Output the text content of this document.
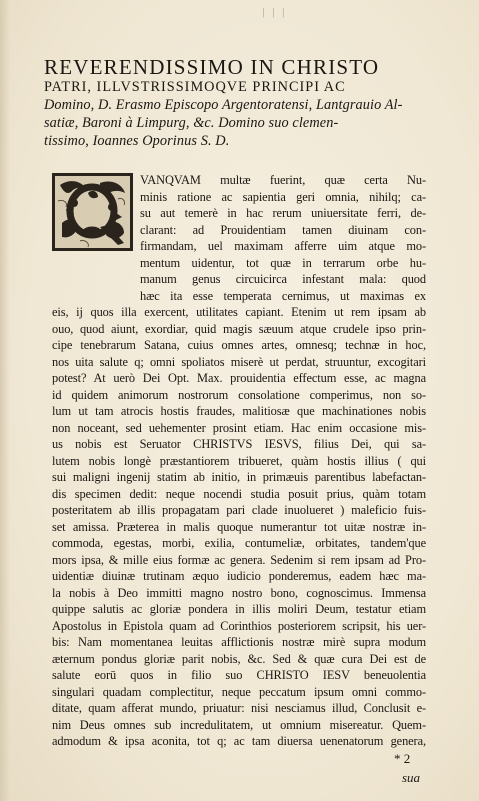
| | |
REVERENDISSIMO IN CHRISTO
PATRI, ILLVSTRISSIMOQVE PRINCIPI AC
Domino, D. Erasmo Episcopo Argentoratensi, Lantgrauio Al-
satiæ, Baroni à Limpurg, &c. Domino suo clemen-
tissimo, Ioannes Oporinus S. D.
VANQVAM multæ fuerint, quæ certa Nu-
minis ratione ac sapientia geri omnia, nihilq; ca-
su aut temerè in hac rerum uniuersitate ferri, de-
clarant: ad Prouidentiam tamen diuinam con-
firmandam, uel maximam afferre uim atque mo-
mentum uidentur, tot quæ in terrarum orbe hu-
manum genus circuicirca infestant mala: quod
hæc ita esse temperata cernimus, ut maximas ex
eis, ij quos illa exercent, utilitates capiant. Etenim ut rem ipsam ab
ouo, quod aiunt, exordiar, quid magis sæuum atque crudele ipso prin-
cipe tenebrarum Satana, cuius omnes artes, omnesq; technæ in hoc,
nos uita salute q; omni spoliatos miserè ut perdat, struuntur, excogitari
potest? At uerò Dei Opt. Max. prouidentia effectum esse, ac magna
id quidem animorum nostrorum consolatione comperimus, non so-
lum ut tam atrocis hostis fraudes, malitiosæ que machinationes nobis
non noceant, sed uehementer prosint etiam. Hac enim occasione mis-
us nobis est Seruator CHRISTVS IESVS, filius Dei, qui sa-
lutem nobis longè præstantiorem tribueret, quàm hostis illius ( qui
sui maligni ingenij statim ab initio, in primæuis parentibus labefactan-
dis specimen dedit: neque nocendi studia posuit prius, quàm totam
posteritatem ab illis propagatam pari clade inuolueret ) maleficio fuis-
set amissa. Præterea in malis quoque numerantur tot uitæ nostræ in-
commoda, egestas, morbi, exilia, contumeliæ, orbitates, tandem'que
mors ipsa, & mille eius formæ ac genera. Sedenim si rem ipsam ad Pro-
uidentiæ diuinæ trutinam æquo iudicio ponderemus, eadem hæc ma-
la nobis à Deo immitti magno nostro bono, cognoscimus. Immensa
quippe salutis ac gloriæ pondera in illis moliri Deum, testatur etiam
Apostolus in Epistola quam ad Corinthios posteriorem scripsit, his uer-
bis: Nam momentanea leuitas afflictionis nostræ mirè supra modum
æternum pondus gloriæ parit nobis, &c. Sed & quæ cura Dei est de
salute eorū quos in filio suo CHRISTO IESV beneuolentia
singulari quadam complectitur, neque peccatum ipsum omni commo-
ditate, quam afferat mundo, priuatur: nisi nesciamus illud, Conclusit e-
nim Deus omnes sub incredulitatem, ut omnium misereatur. Quem-
admodum & ipsa aconita, tot q; ac tam diuersa uenenatorum genera,
* 2
sua
